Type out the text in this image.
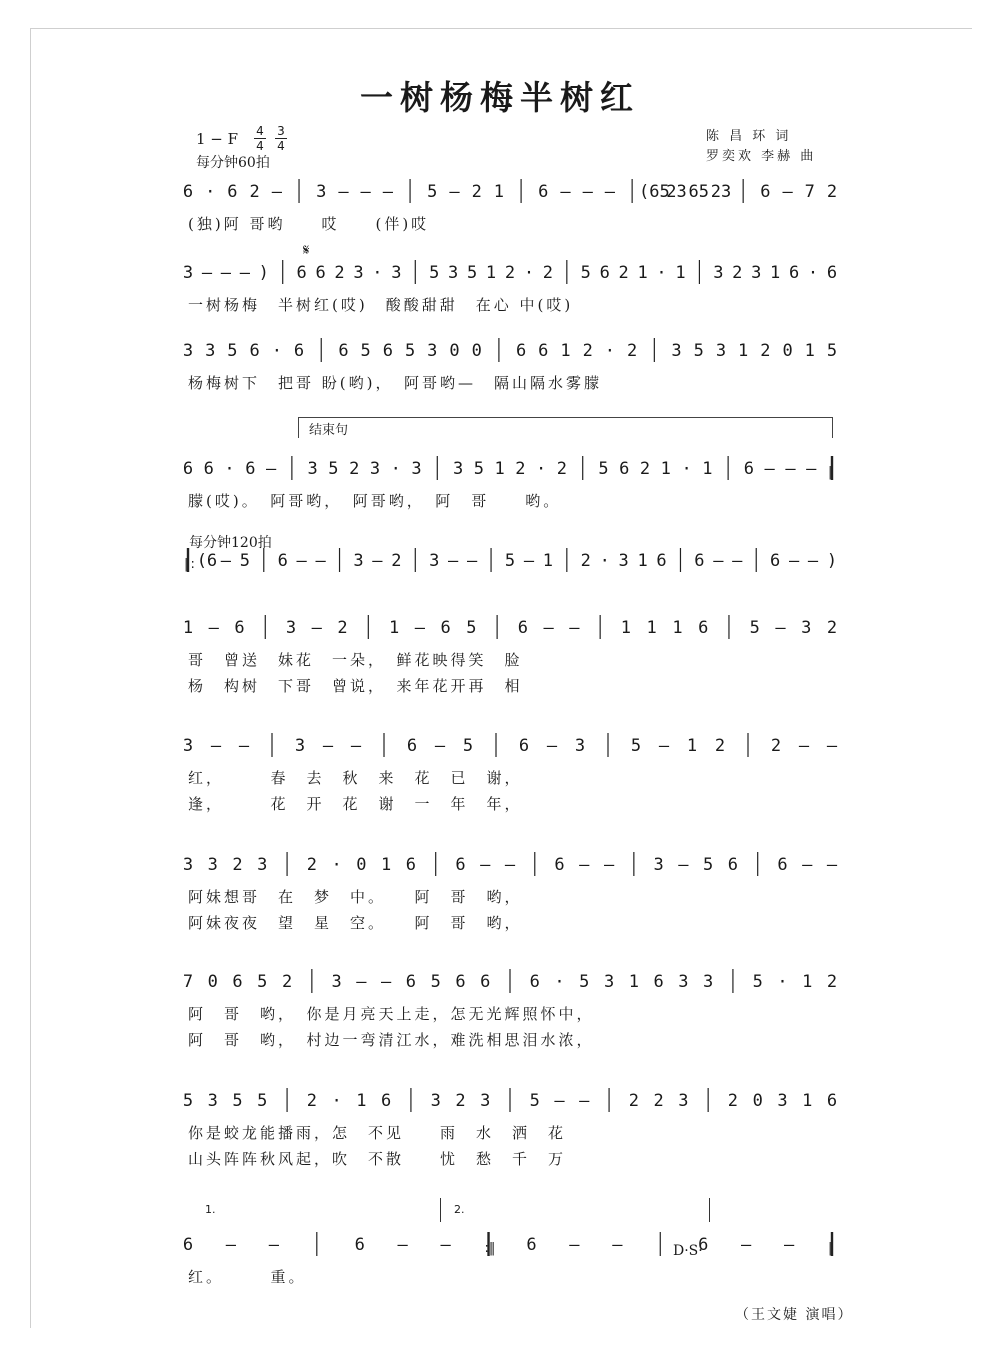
一树杨梅半树红
1 − F 4
4
3
4
每分钟60拍
陈 昌 环 词
罗奕欢 李赫 曲
𝄋
结束句
每分钟120拍
1.	2.
D·S·
（王文婕 演唱）
6 · 6 2 — 3 — — — 5 — 2 1 6 — — — (65
23 65 23 6 — 7 2
(独)阿 哥哟　　哎　　(伴)哎
3 — — — ) 6 6 2 3 · 3 5 3 5 1 2 · 2 5 6 2 1 · 1 3 2 3 1 6 · 6
一树杨梅　半树红(哎)　酸酸甜甜　在心 中(哎)
3 3 5 6 · 6 6 5 6 5 3 0 0 6 6 1 2 · 2 3 5 3 1 2 0 1 5
杨梅树下　把哥 盼(哟)，　阿哥哟—　隔山隔水雾朦
6 6 · 6 — 3 5 2 3 · 3 3 5 1 2 · 2 5 6 2 1 · 1 6 — — — ‖
朦(哎)。　阿哥哟，　阿哥哟，　阿　哥　　哟。
‖: (6 — 5 6 — — 3 — 2 3 — — 5 — 1 2 · 3 1 6 6 — — 6 — — )
1 — 6 3 — 2 1 — 6 5 6 — — 1 1 1 6 5 — 3 2
哥　曾送　妹花　一朵，　鲜花映得笑　脸
杨　构树　下哥　曾说，　来年花开再　相
3 — —	3 — —	6 — 5	6 — 3	5 — 1 2	2 — —
红，　　　春　去　秋　来　花　已　谢，
逢，　　　花　开　花　谢　一　年　年，
3 3 2 3 2 · 0 1 6 6 — — 6 — — 3 — 5 6 6 — —
阿妹想哥　在　梦　中。　　阿　哥　哟，
阿妹夜夜　望　星　空。　　阿　哥　哟，
7 0 6 5 2 3 — — 6 5 6 6 6 · 5 3 1 6 3 3 5 · 1 2
阿　哥　哟，　你是月亮天上走，怎无光辉照怀中，
阿　哥　哟，　村边一弯清江水，难洗相思泪水浓，
5 3 5 5 2 · 1 6 3 2 3 5 — — 2 2 3 2 0 3 1 6
你是蛟龙能播雨，怎　不见　　雨　水　洒　花
山头阵阵秋风起，吹　不散　　忧　愁　千　万
6 — —	6 — —	:‖ 6 — —	6 — —	‖
红。　　　重。
